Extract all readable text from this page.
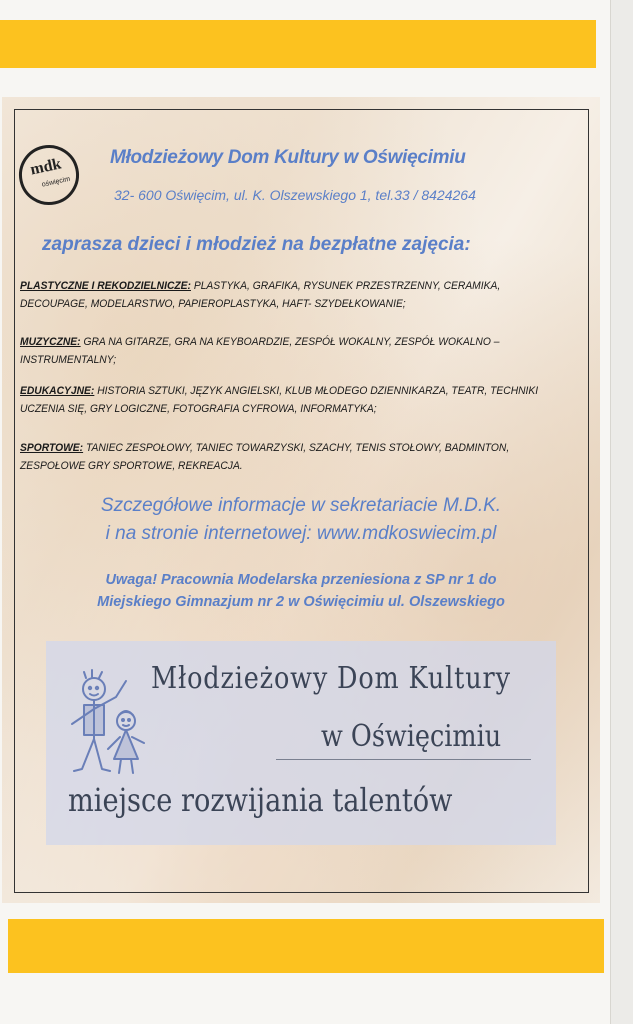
mdk
oświęcim
Młodzieżowy Dom Kultury w Oświęcimiu
32- 600 Oświęcim, ul. K. Olszewskiego 1, tel.33 / 8424264
zaprasza dzieci i młodzież na bezpłatne zajęcia:
PLASTYCZNE I REKODZIELNICZE: PLASTYKA, GRAFIKA, RYSUNEK PRZESTRZENNY, CERAMIKA, DECOUPAGE, MODELARSTWO, PAPIEROPLASTYKA, HAFT- SZYDEŁKOWANIE;
MUZYCZNE: GRA NA GITARZE, GRA NA KEYBOARDZIE, ZESPÓŁ WOKALNY, ZESPÓŁ WOKALNO – INSTRUMENTALNY;
EDUKACYJNE: HISTORIA SZTUKI, JĘZYK ANGIELSKI, KLUB MŁODEGO DZIENNIKARZA, TEATR, TECHNIKI UCZENIA SIĘ, GRY LOGICZNE, FOTOGRAFIA CYFROWA, INFORMATYKA;
SPORTOWE: TANIEC ZESPOŁOWY, TANIEC TOWARZYSKI, SZACHY, TENIS STOŁOWY, BADMINTON, ZESPOŁOWE GRY SPORTOWE, REKREACJA.
Szczegółowe informacje w sekretariacie M.D.K.
i na stronie internetowej: www.mdkoswiecim.pl
Uwaga! Pracownia Modelarska przeniesiona z SP nr 1 do
Miejskiego Gimnazjum nr 2 w Oświęcimiu ul. Olszewskiego
Młodzieżowy Dom Kultury
w Oświęcimiu
miejsce rozwijania talentów
